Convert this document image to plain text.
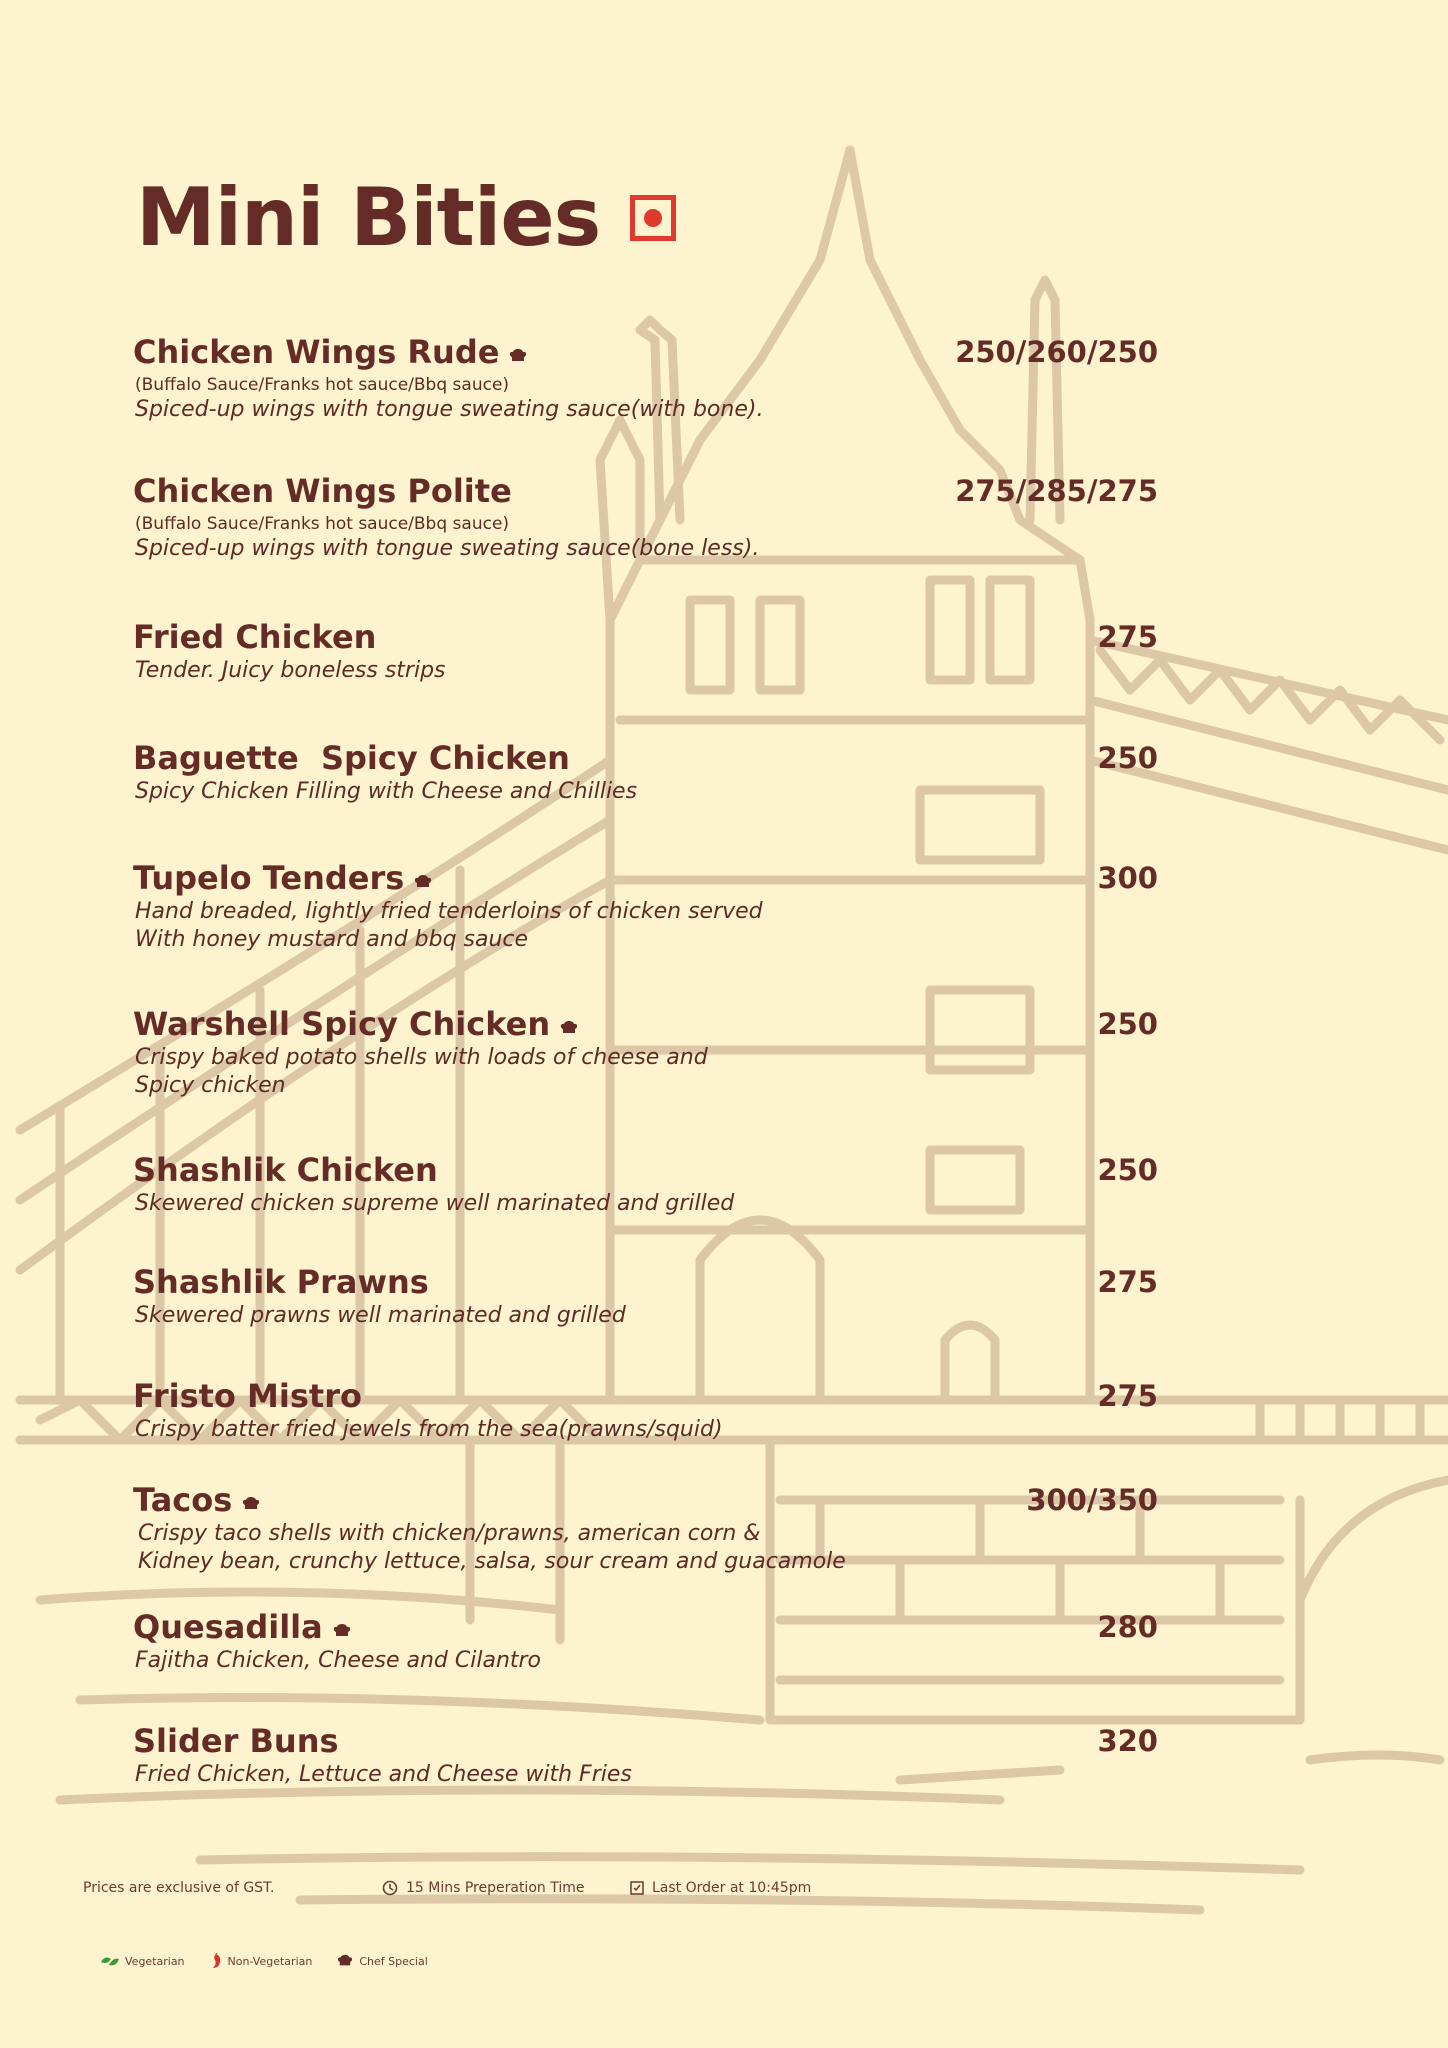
Mini Bities
Chicken Wings Rude	250/260/250
(Buffalo Sauce/Franks hot sauce/Bbq sauce)
Spiced-up wings with tongue sweating sauce(with bone).
Chicken Wings Polite	275/285/275
(Buffalo Sauce/Franks hot sauce/Bbq sauce)
Spiced-up wings with tongue sweating sauce(bone less).
Fried Chicken	275
Tender. Juicy boneless strips
Baguette  Spicy Chicken	250
Spicy Chicken Filling with Cheese and Chillies
Tupelo Tenders	300
Hand breaded, lightly fried tenderloins of chicken served
With honey mustard and bbq sauce
Warshell Spicy Chicken	250
Crispy baked potato shells with loads of cheese and
Spicy chicken
Shashlik Chicken	250
Skewered chicken supreme well marinated and grilled
Shashlik Prawns	275
Skewered prawns well marinated and grilled
Fristo Mistro	275
Crispy batter fried jewels from the sea(prawns/squid)
Tacos	300/350
Crispy taco shells with chicken/prawns, american corn &
Kidney bean, crunchy lettuce, salsa, sour cream and guacamole
Quesadilla	280
Fajitha Chicken, Cheese and Cilantro
Slider Buns	320
Fried Chicken, Lettuce and Cheese with Fries
Prices are exclusive of GST.	15 Mins Preperation Time	Last Order at 10:45pm
Vegetarian	Non-Vegetarian	Chef Special
